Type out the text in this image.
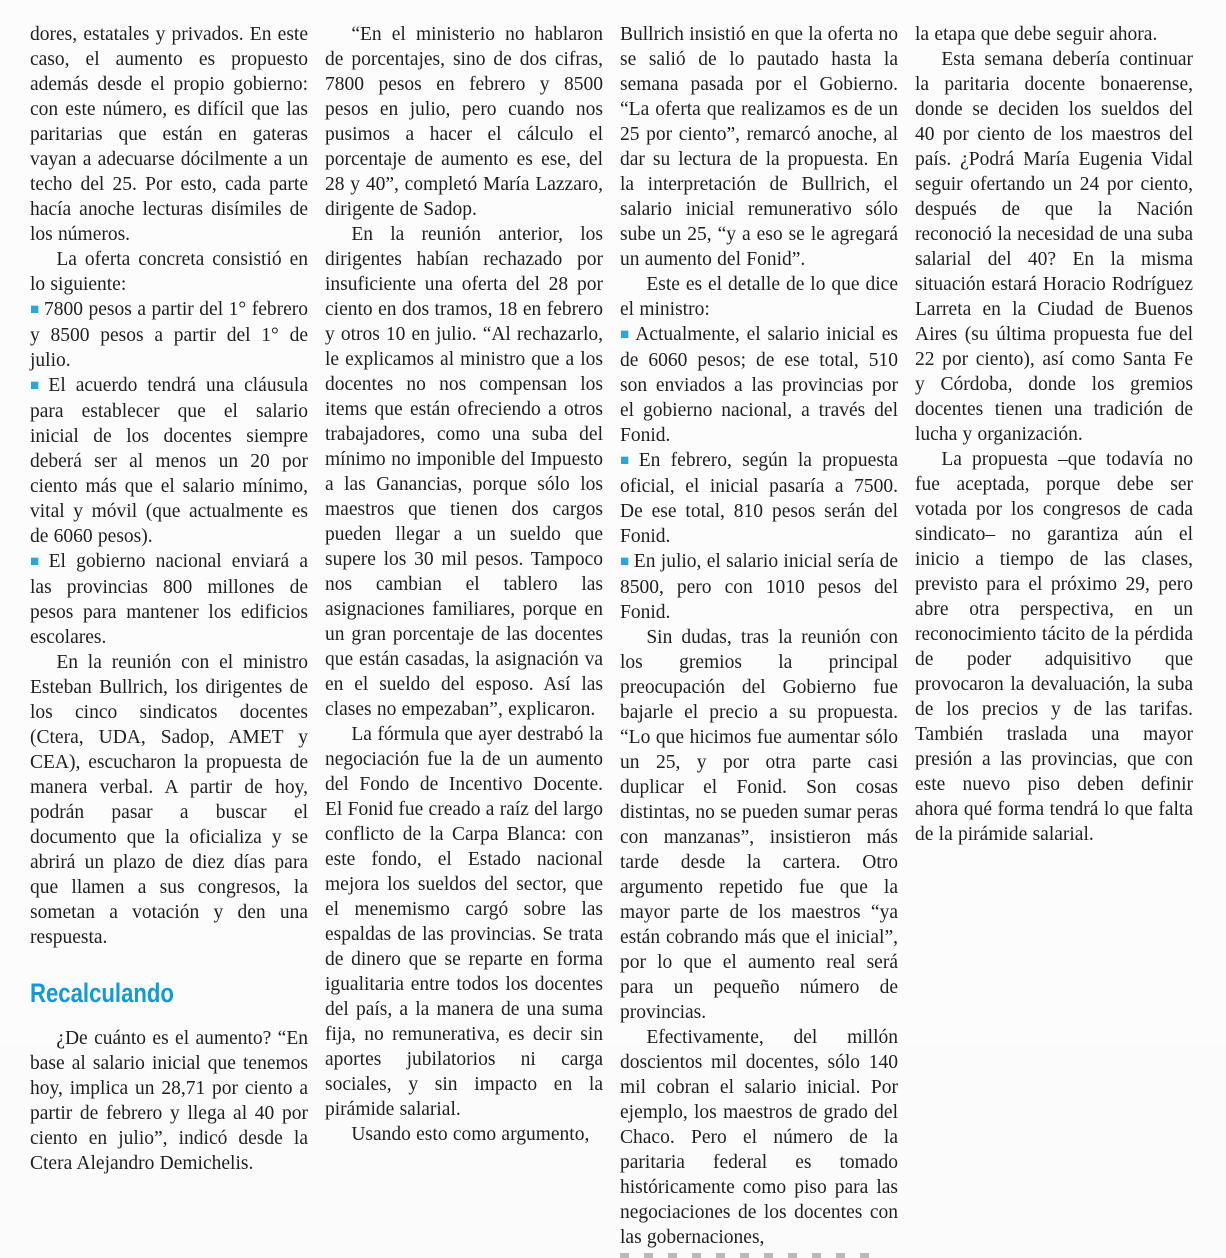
dores, estatales y privados. En este caso, el aumento es propuesto además desde el propio gobierno: con este número, es difícil que las paritarias que están en gateras vayan a adecuarse dócilmente a un techo del 25. Por esto, cada parte hacía anoche lecturas disímiles de los números.

La oferta concreta consistió en lo siguiente:

■ 7800 pesos a partir del 1° febrero y 8500 pesos a partir del 1° de julio.

■ El acuerdo tendrá una cláusula para establecer que el salario inicial de los docentes siempre deberá ser al menos un 20 por ciento más que el salario mínimo, vital y móvil (que actualmente es de 6060 pesos).

■ El gobierno nacional enviará a las provincias 800 millones de pesos para mantener los edificios escolares.

En la reunión con el ministro Esteban Bullrich, los dirigentes de los cinco sindicatos docentes (Ctera, UDA, Sadop, AMET y CEA), escucharon la propuesta de manera verbal. A partir de hoy, podrán pasar a buscar el documento que la oficializa y se abrirá un plazo de diez días para que llamen a sus congresos, la sometan a votación y den una respuesta.

Recalculando

¿De cuánto es el aumento? “En base al salario inicial que tenemos hoy, implica un 28,71 por ciento a partir de febrero y llega al 40 por ciento en julio”, indicó desde la Ctera Alejandro Demichelis.

“En el ministerio no hablaron de porcentajes, sino de dos cifras, 7800 pesos en febrero y 8500 pesos en julio, pero cuando nos pusimos a hacer el cálculo el porcentaje de aumento es ese, del 28 y 40”, completó María Lazzaro, dirigente de Sadop.

En la reunión anterior, los dirigentes habían rechazado por insuficiente una oferta del 28 por ciento en dos tramos, 18 en febrero y otros 10 en julio. “Al rechazarlo, le explicamos al ministro que a los docentes no nos compensan los items que están ofreciendo a otros trabajadores, como una suba del mínimo no imponible del Impuesto a las Ganancias, porque sólo los maestros que tienen dos cargos pueden llegar a un sueldo que supere los 30 mil pesos. Tampoco nos cambian el tablero las asignaciones familiares, porque en un gran porcentaje de las docentes que están casadas, la asignación va en el sueldo del esposo. Así las clases no empezaban”, explicaron.

La fórmula que ayer destrabó la negociación fue la de un aumento del Fondo de Incentivo Docente. El Fonid fue creado a raíz del largo conflicto de la Carpa Blanca: con este fondo, el Estado nacional mejora los sueldos del sector, que el menemismo cargó sobre las espaldas de las provincias. Se trata de dinero que se reparte en forma igualitaria entre todos los docentes del país, a la manera de una suma fija, no remunerativa, es decir sin aportes jubilatorios ni carga sociales, y sin impacto en la pirámide salarial.

Usando esto como argumento,

Bullrich insistió en que la oferta no se salió de lo pautado hasta la semana pasada por el Gobierno. “La oferta que realizamos es de un 25 por ciento”, remarcó anoche, al dar su lectura de la propuesta. En la interpretación de Bullrich, el salario inicial remunerativo sólo sube un 25, “y a eso se le agregará un aumento del Fonid”.

Este es el detalle de lo que dice el ministro:

■ Actualmente, el salario inicial es de 6060 pesos; de ese total, 510 son enviados a las provincias por el gobierno nacional, a través del Fonid.

■ En febrero, según la propuesta oficial, el inicial pasaría a 7500. De ese total, 810 pesos serán del Fonid.

■ En julio, el salario inicial sería de 8500, pero con 1010 pesos del Fonid.

Sin dudas, tras la reunión con los gremios la principal preocupación del Gobierno fue bajarle el precio a su propuesta. “Lo que hicimos fue aumentar sólo un 25, y por otra parte casi duplicar el Fonid. Son cosas distintas, no se pueden sumar peras con manzanas”, insistieron más tarde desde la cartera. Otro argumento repetido fue que la mayor parte de los maestros “ya están cobrando más que el inicial”, por lo que el aumento real será para un pequeño número de provincias.

Efectivamente, del millón doscientos mil docentes, sólo 140 mil cobran el salario inicial. Por ejemplo, los maestros de grado del Chaco. Pero el número de la paritaria federal es tomado históricamente como piso para las negociaciones de los docentes con las gobernaciones,

la etapa que debe seguir ahora.

Esta semana debería continuar la paritaria docente bonaerense, donde se deciden los sueldos del 40 por ciento de los maestros del país. ¿Podrá María Eugenia Vidal seguir ofertando un 24 por ciento, después de que la Nación reconoció la necesidad de una suba salarial del 40? En la misma situación estará Horacio Rodríguez Larreta en la Ciudad de Buenos Aires (su última propuesta fue del 22 por ciento), así como Santa Fe y Córdoba, donde los gremios docentes tienen una tradición de lucha y organización.

La propuesta –que todavía no fue aceptada, porque debe ser votada por los congresos de cada sindicato– no garantiza aún el inicio a tiempo de las clases, previsto para el próximo 29, pero abre otra perspectiva, en un reconocimiento tácito de la pérdida de poder adquisitivo que provocaron la devaluación, la suba de los precios y de las tarifas. También traslada una mayor presión a las provincias, que con este nuevo piso deben definir ahora qué forma tendrá lo que falta de la pirámide salarial.
